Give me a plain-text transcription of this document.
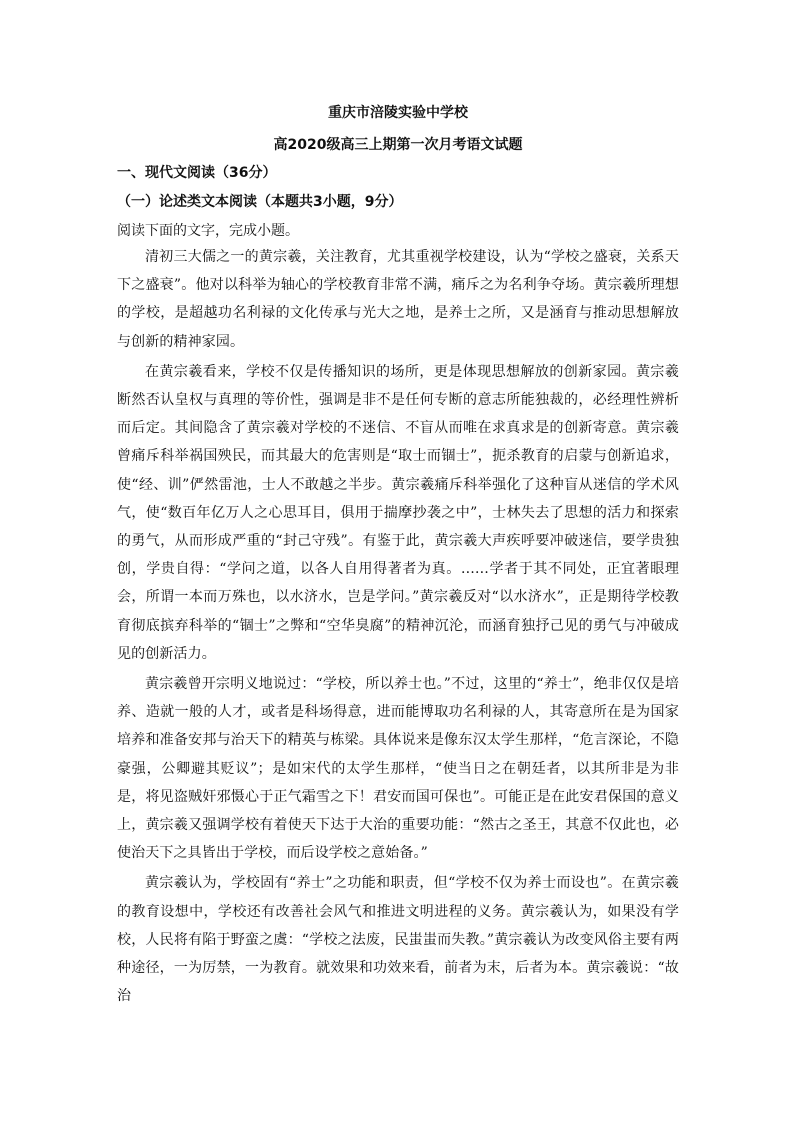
重庆市涪陵实验中学校
高2020级高三上期第一次月考语文试题
一、现代文阅读（36分）
（一）论述类文本阅读（本题共3小题，9分）

阅读下面的文字，完成小题。

清初三大儒之一的黄宗羲，关注教育，尤其重视学校建设，认为“学校之盛衰，关系天下之盛衰”。他对以科举为轴心的学校教育非常不满，痛斥之为名利争夺场。黄宗羲所理想的学校，是超越功名利禄的文化传承与光大之地，是养士之所，又是涵育与推动思想解放与创新的精神家园。

在黄宗羲看来，学校不仅是传播知识的场所，更是体现思想解放的创新家园。黄宗羲断然否认皇权与真理的等价性，强调是非不是任何专断的意志所能独裁的，必经理性辨析而后定。其间隐含了黄宗羲对学校的不迷信、不盲从而唯在求真求是的创新寄意。黄宗羲曾痛斥科举祸国殃民，而其最大的危害则是“取士而锢士”，扼杀教育的启蒙与创新追求，使“经、训”俨然雷池，士人不敢越之半步。黄宗羲痛斥科举强化了这种盲从迷信的学术风气，使“数百年亿万人之心思耳目，俱用于揣摩抄袭之中”，士林失去了思想的活力和探索的勇气，从而形成严重的“封己守残”。有鉴于此，黄宗羲大声疾呼要冲破迷信，要学贵独创，学贵自得：“学问之道，以各人自用得著者为真。……学者于其不同处，正宜著眼理会，所谓一本而万殊也，以水济水，岂是学问。”黄宗羲反对“以水济水”，正是期待学校教育彻底摈弃科举的“锢士”之弊和“空华臭腐”的精神沉沦，而涵育独抒己见的勇气与冲破成见的创新活力。

黄宗羲曾开宗明义地说过：“学校，所以养士也。”不过，这里的“养士”，绝非仅仅是培养、造就一般的人才，或者是科场得意，进而能博取功名利禄的人，其寄意所在是为国家培养和准备安邦与治天下的精英与栋梁。具体说来是像东汉太学生那样，“危言深论，不隐豪强，公卿避其贬议”；是如宋代的太学生那样，“使当日之在朝廷者，以其所非是为非是，将见盗贼奸邪慑心于正气霜雪之下！君安而国可保也”。可能正是在此安君保国的意义上，黄宗羲又强调学校有着使天下达于大治的重要功能：“然古之圣王，其意不仅此也，必使治天下之具皆出于学校，而后设学校之意始备。”

黄宗羲认为，学校固有“养士”之功能和职责，但“学校不仅为养士而设也”。在黄宗羲的教育设想中，学校还有改善社会风气和推进文明进程的义务。黄宗羲认为，如果没有学校，人民将有陷于野蛮之虞：“学校之法废，民蚩蚩而失教。”黄宗羲认为改变风俗主要有两种途径，一为厉禁，一为教育。就效果和功效来看，前者为末，后者为本。黄宗羲说：“故治
